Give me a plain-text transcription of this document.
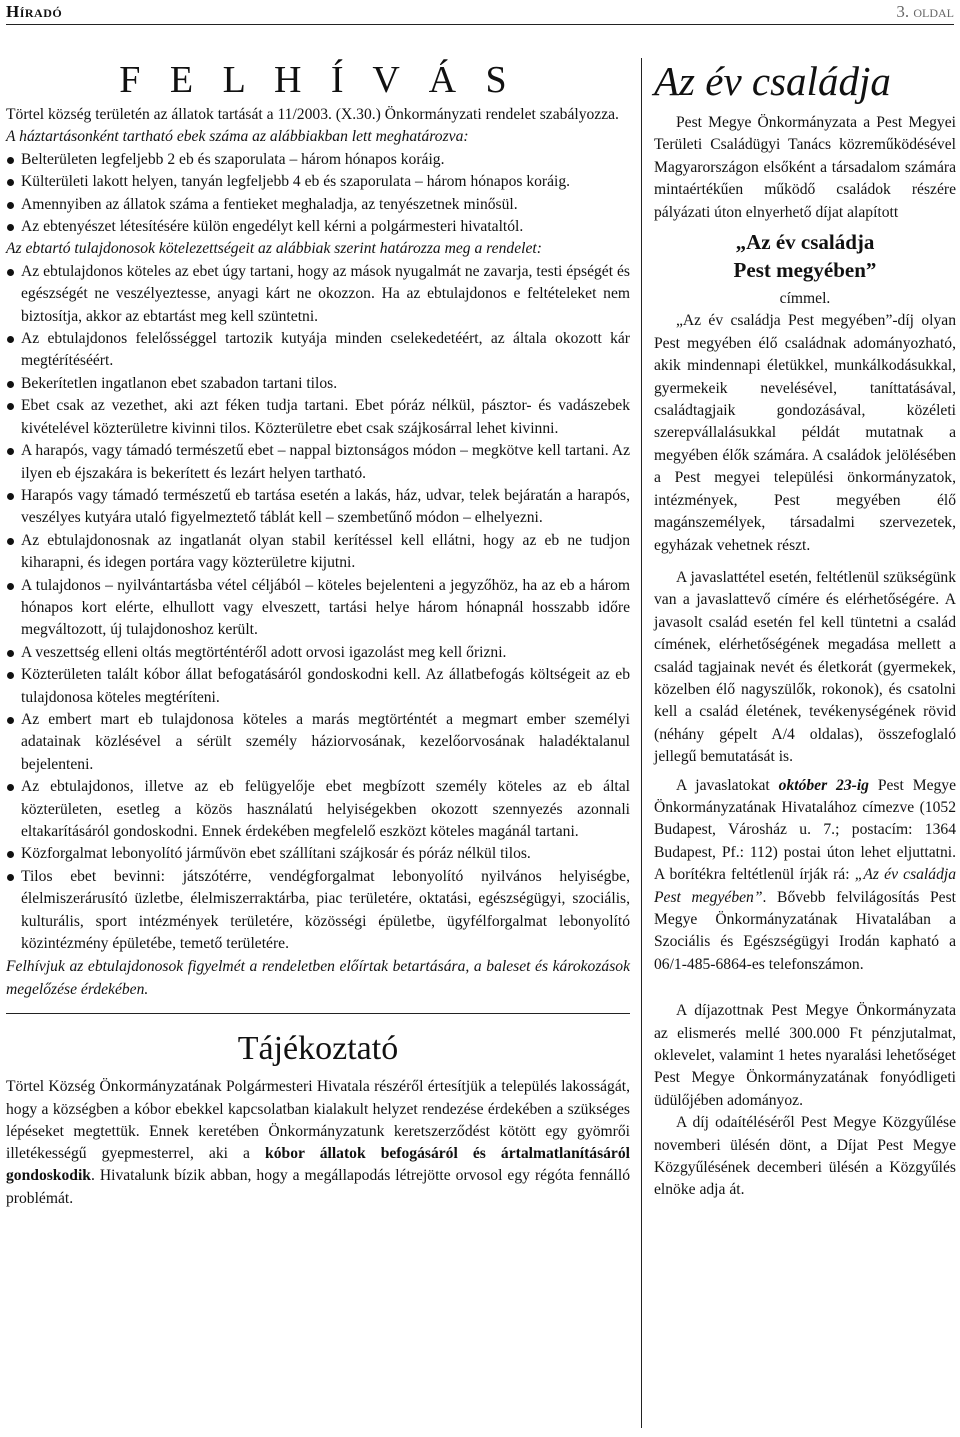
Híradó	3. oldal
F E L H Í V Á S

Törtel község területén az állatok tartását a 11/2003. (X.30.) Önkormányzati rendelet szabályozza.

A háztartásonként tartható ebek száma az alábbiakban lett meghatározva:

Belterületen legfeljebb 2 eb és szaporulata – három hónapos koráig.
Külterületi lakott helyen, tanyán legfeljebb 4 eb és szaporulata – három hónapos koráig.
Amennyiben az állatok száma a fentieket meghaladja, az tenyészetnek minősül.
Az ebtenyészet létesítésére külön engedélyt kell kérni a polgármesteri hivataltól.

Az ebtartó tulajdonosok kötelezettségeit az alábbiak szerint határozza meg a rendelet:

Az ebtulajdonos köteles az ebet úgy tartani, hogy az mások nyugalmát ne zavarja, testi épségét és egészségét ne veszélyeztesse, anyagi kárt ne okozzon. Ha az ebtulajdonos e feltételeket nem biztosítja, akkor az ebtartást meg kell szüntetni.
Az ebtulajdonos felelősséggel tartozik kutyája minden cselekedetéért, az általa okozott kár megtérítéséért.
Bekerítetlen ingatlanon ebet szabadon tartani tilos.
Ebet csak az vezethet, aki azt féken tudja tartani. Ebet póráz nélkül, pásztor- és vadászebek kivételével közterületre kivinni tilos. Közterületre ebet csak szájkosárral lehet kivinni.
A harapós, vagy támadó természetű ebet – nappal biztonságos módon – megkötve kell tartani. Az ilyen eb éjszakára is bekerített és lezárt helyen tartható.
Harapós vagy támadó természetű eb tartása esetén a lakás, ház, udvar, telek bejáratán a harapós, veszélyes kutyára utaló figyelmeztető táblát kell – szembetűnő módon – elhelyezni.
Az ebtulajdonosnak az ingatlanát olyan stabil kerítéssel kell ellátni, hogy az eb ne tudjon kiharapni, és idegen portára vagy közterületre kijutni.
A tulajdonos – nyilvántartásba vétel céljából – köteles bejelenteni a jegyzőhöz, ha az eb a három hónapos kort elérte, elhullott vagy elveszett, tartási helye három hónapnál hosszabb időre megváltozott, új tulajdonoshoz került.
A veszettség elleni oltás megtörténtéről adott orvosi igazolást meg kell őrizni.
Közterületen talált kóbor állat befogatásáról gondoskodni kell. Az állatbefogás költségeit az eb tulajdonosa köteles megtéríteni.
Az embert mart eb tulajdonosa köteles a marás megtörténtét a megmart ember személyi adatainak közlésével a sérült személy háziorvosának, kezelőorvosának haladéktalanul bejelenteni.
Az ebtulajdonos, illetve az eb felügyelője ebet megbízott személy köteles az eb által közterületen, esetleg a közös használatú helyiségekben okozott szennyezés azonnali eltakarításáról gondoskodni. Ennek érdekében megfelelő eszközt köteles magánál tartani.
Közforgalmat lebonyolító járművön ebet szállítani szájkosár és póráz nélkül tilos.
Tilos ebet bevinni: játszótérre, vendégforgalmat lebonyolító nyilvános helyiségbe, élelmiszerárusító üzletbe, élelmiszerraktárba, piac területére, oktatási, egészségügyi, szociális, kulturális, sport intézmények területére, közösségi épületbe, ügyfélforgalmat lebonyolító közintézmény épületébe, temető területére.

Felhívjuk az ebtulajdonosok figyelmét a rendeletben előírtak betartására, a baleset és károkozások megelőzése érdekében.

Tájékoztató

Törtel Község Önkormányzatának Polgármesteri Hivatala részéről értesítjük a település lakosságát, hogy a községben a kóbor ebekkel kapcsolatban kialakult helyzet rendezése érdekében a szükséges lépéseket megtettük. Ennek keretében Önkormányzatunk keretszerződést kötött egy gyömrői illetékességű gyepmesterrel, aki a kóbor állatok befogásáról és ártalmatlanításáról gondoskodik. Hivatalunk bízik abban, hogy a megállapodás létrejötte orvosol egy régóta fennálló problémát.

Az év családja

Pest Megye Önkormányzata a Pest Megyei Területi Családügyi Tanács közreműködésével Magyarországon elsőként a társadalom számára mintaértékűen működő családok részére pályázati úton elnyerhető díjat alapított

„Az év családja
Pest megyében”

címmel.

„Az év családja Pest megyében”-díj olyan Pest megyében élő családnak adományozható, akik mindennapi életükkel, munkálkodásukkal, gyermekeik nevelésével, taníttatásával, családtagjaik gondozásával, közéleti szerepvállalásukkal példát mutatnak a megyében élők számára. A családok jelölésében a Pest megyei települési önkormányzatok, intézmények, Pest megyében élő magánszemélyek, társadalmi szervezetek, egyházak vehetnek részt.

A javaslattétel esetén, feltétlenül szükségünk van a javaslattevő címére és elérhetőségére. A javasolt család esetén fel kell tüntetni a család címének, elérhetőségének megadása mellett a család tagjainak nevét és életkorát (gyermekek, közelben élő nagyszülők, rokonok), és csatolni kell a család életének, tevékenységének rövid (néhány gépelt A/4 oldalas), összefoglaló jellegű bemutatását is.

A javaslatokat október 23-ig Pest Megye Önkormányzatának Hivatalához címezve (1052 Budapest, Városház u. 7.; postacím: 1364 Budapest, Pf.: 112) postai úton lehet eljuttatni. A borítékra feltétlenül írják rá: „Az év családja Pest megyében”. Bővebb felvilágosítás Pest Megye Önkormányzatának Hivatalában a Szociális és Egészségügyi Irodán kapható a 06/1-485-6864-es telefonszámon.

A díjazottnak Pest Megye Önkormányzata az elismerés mellé 300.000 Ft pénzjutalmat, oklevelet, valamint 1 hetes nyaralási lehetőséget Pest Megye Önkormányzatának fonyódligeti üdülőjében adományoz.

A díj odaítéléséről Pest Megye Közgyűlése novemberi ülésén dönt, a Díjat Pest Megye Közgyűlésének decemberi ülésén a Közgyűlés elnöke adja át.
